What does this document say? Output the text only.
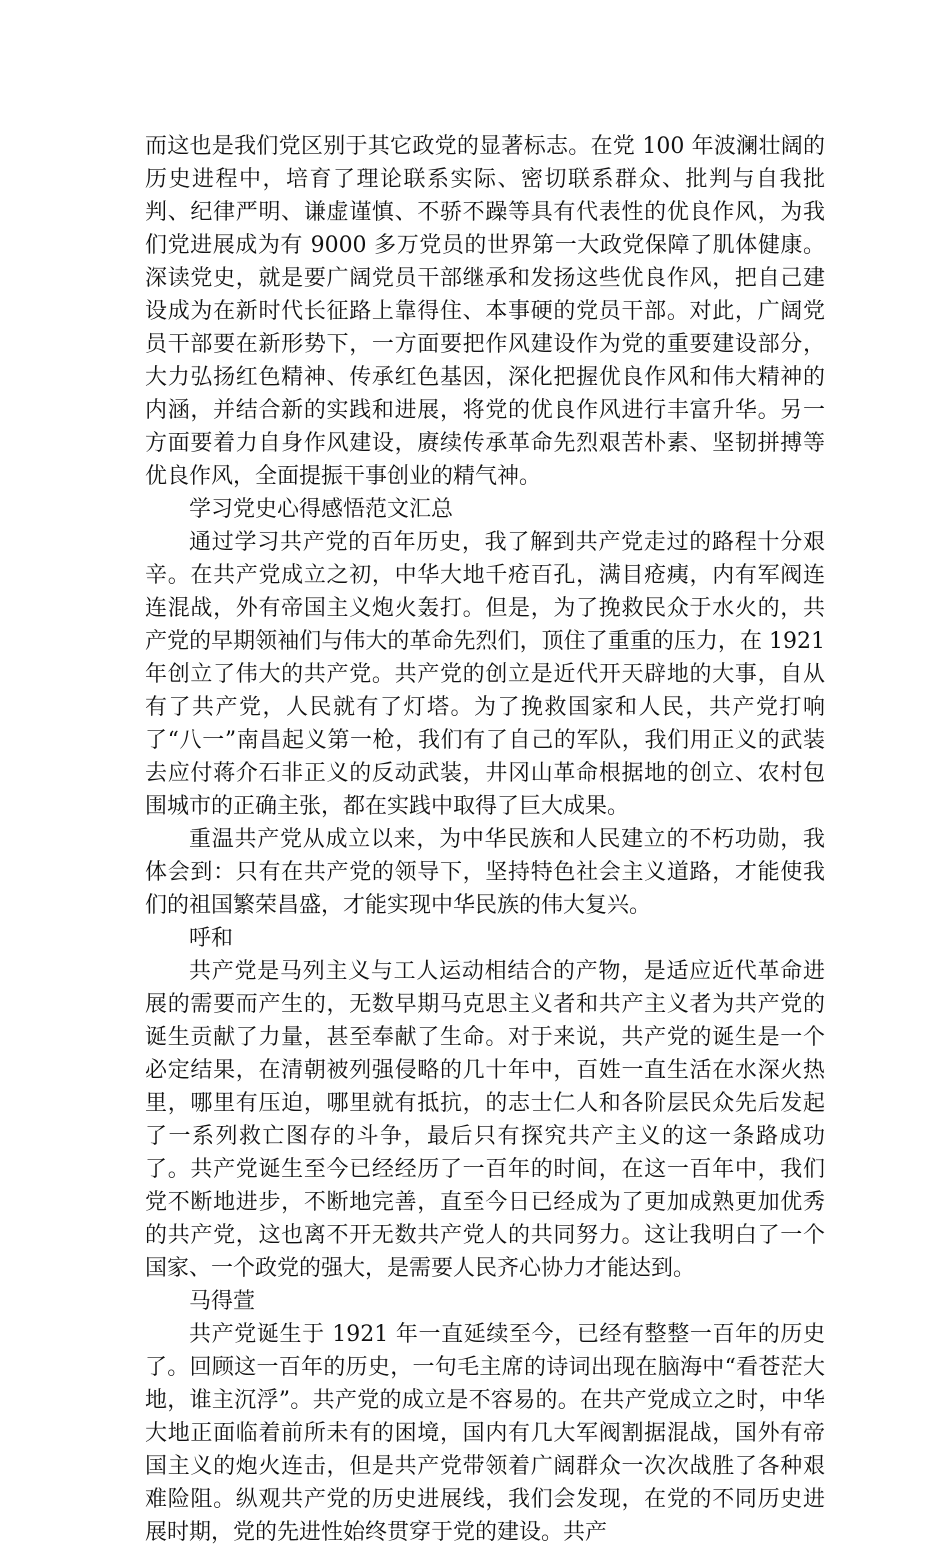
而这也是我们党区别于其它政党的显著标志。在党 100 年波澜壮阔的历史进程中，培育了理论联系实际、密切联系群众、批判与自我批判、纪律严明、谦虚谨慎、不骄不躁等具有代表性的优良作风，为我们党进展成为有 9000 多万党员的世界第一大政党保障了肌体健康。深读党史，就是要广阔党员干部继承和发扬这些优良作风，把自己建设成为在新时代长征路上靠得住、本事硬的党员干部。对此，广阔党员干部要在新形势下，一方面要把作风建设作为党的重要建设部分，大力弘扬红色精神、传承红色基因，深化把握优良作风和伟大精神的内涵，并结合新的实践和进展，将党的优良作风进行丰富升华。另一方面要着力自身作风建设，赓续传承革命先烈艰苦朴素、坚韧拼搏等优良作风，全面提振干事创业的精气神。

学习党史心得感悟范文汇总

通过学习共产党的百年历史，我了解到共产党走过的路程十分艰辛。在共产党成立之初，中华大地千疮百孔，满目疮痍，内有军阀连连混战，外有帝国主义炮火轰打。但是，为了挽救民众于水火的，共产党的早期领袖们与伟大的革命先烈们，顶住了重重的压力，在 1921 年创立了伟大的共产党。共产党的创立是近代开天辟地的大事，自从有了共产党，人民就有了灯塔。为了挽救国家和人民，共产党打响了“八一”南昌起义第一枪，我们有了自己的军队，我们用正义的武装去应付蒋介石非正义的反动武装，井冈山革命根据地的创立、农村包围城市的正确主张，都在实践中取得了巨大成果。

重温共产党从成立以来，为中华民族和人民建立的不朽功勋，我体会到：只有在共产党的领导下，坚持特色社会主义道路，才能使我们的祖国繁荣昌盛，才能实现中华民族的伟大复兴。

呼和

共产党是马列主义与工人运动相结合的产物，是适应近代革命进展的需要而产生的，无数早期马克思主义者和共产主义者为共产党的诞生贡献了力量，甚至奉献了生命。对于来说，共产党的诞生是一个必定结果，在清朝被列强侵略的几十年中，百姓一直生活在水深火热里，哪里有压迫，哪里就有抵抗，的志士仁人和各阶层民众先后发起了一系列救亡图存的斗争，最后只有探究共产主义的这一条路成功了。共产党诞生至今已经经历了一百年的时间，在这一百年中，我们党不断地进步，不断地完善，直至今日已经成为了更加成熟更加优秀的共产党，这也离不开无数共产党人的共同努力。这让我明白了一个国家、一个政党的强大，是需要人民齐心协力才能达到。

马得萱

共产党诞生于 1921 年一直延续至今，已经有整整一百年的历史了。回顾这一百年的历史，一句毛主席的诗词出现在脑海中“看苍茫大地，谁主沉浮”。共产党的成立是不容易的。在共产党成立之时，中华大地正面临着前所未有的困境，国内有几大军阀割据混战，国外有帝国主义的炮火连击，但是共产党带领着广阔群众一次次战胜了各种艰难险阻。纵观共产党的历史进展线，我们会发现，在党的不同历史进展时期，党的先进性始终贯穿于党的建设。共产
